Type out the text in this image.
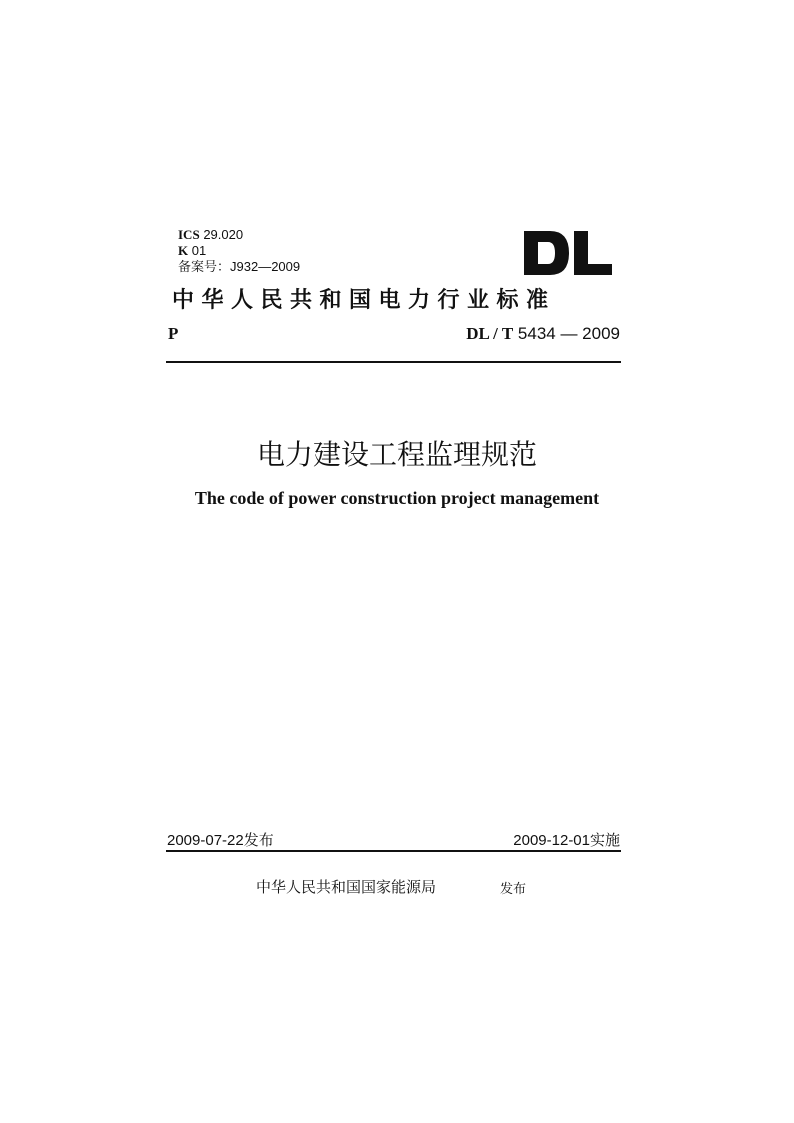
ICS 29.020
K 01
备案号：J932—2009
中华人民共和国电力行业标准
P	DL / T 5434 — 2009
电力建设工程监理规范
The code of power construction project management
2009-07-22发布	2009-12-01实施
中华人民共和国国家能源局	发布
